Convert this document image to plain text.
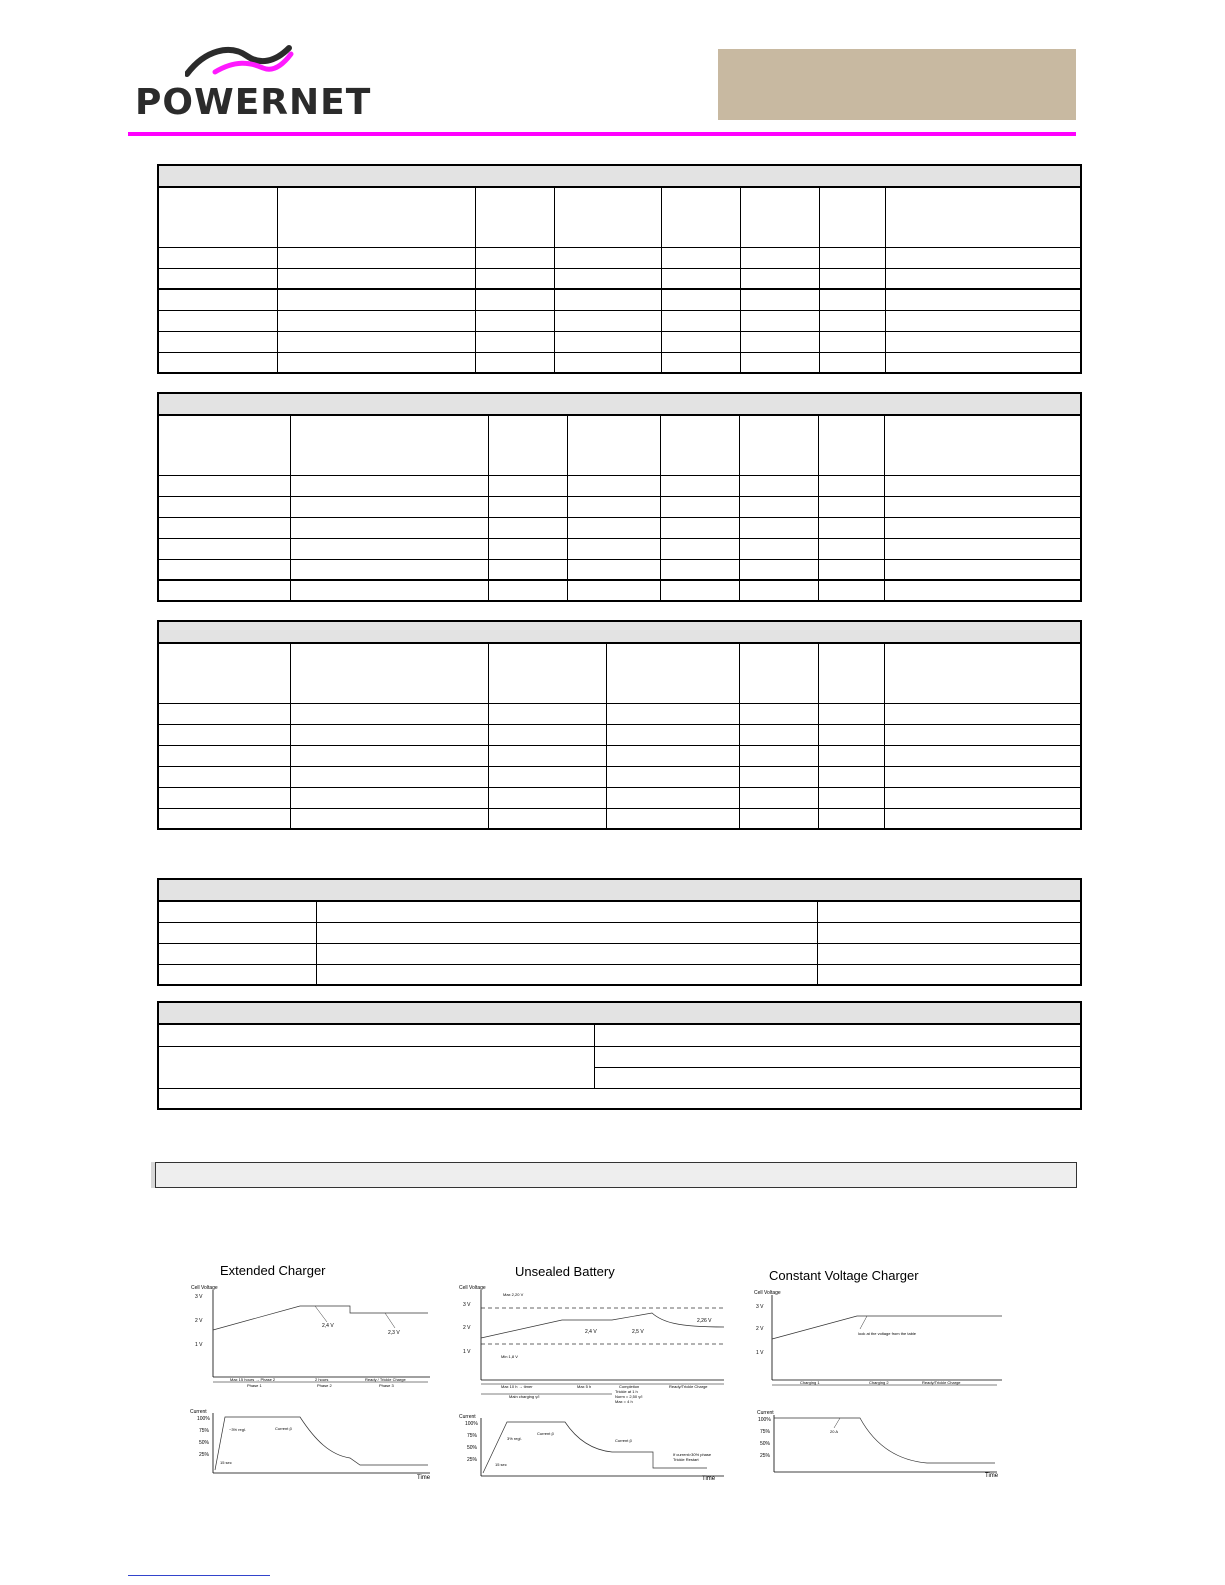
POWERNET

Extended Charger	Unsealed Battery	Constant Voltage Charger
Cell Voltage
3 V
2 V
1 V
2,4 V
2,3 V
Max 15 hours → Phase 2	2 hours	Ready / Trickle Charge
Phase 1	Phase 2	Phase 3
Current
100%
75%
50%
25%
~3% regl.	Current β
15 sec
Time
Cell Voltage
3 V
2 V
1 V
Max 2,20 V
Min 1,8 V
2,4 V	2,5 V
2,26 V
Max 10 h → timer	Max 5 h	Completion	Ready/Trickle Charge
Main charging γ/I
Trickle at 1 h
Norm = 2,50 γ/I
Max = 4 h
Current
100%
75%
50%
25%
3% regl.
Current β
Current β
15 sec
If current>30% phase
Trickle Restart
Time
Cell Voltage
3 V
2 V
1 V
look at the voltage from the table
Charging 1	Charging 2	Ready/Trickle Charge
Current
100%
75%
50%
25%
20 A
Time
